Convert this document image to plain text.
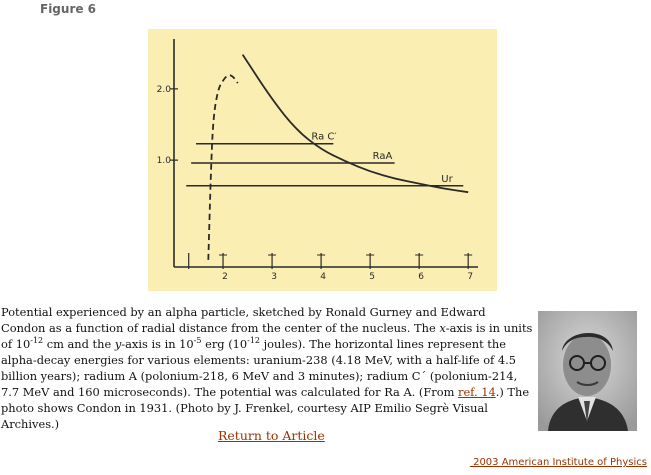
Figure 6
2.0
1.0
2	3	4	5	6	7
Ra C′
RaA
Ur
Potential experienced by an alpha particle, sketched by Ronald Gurney and Edward Condon as a function of radial distance from the center of the nucleus. The x-axis is in units of $10^{-12}$ cm and the y-axis is in $10^{-5}$ erg ($10^{-12}$ joules). The horizontal lines represent the alpha-decay energies for various elements: uranium-238 (4.18 MeV, with a half-life of 4.5 billion years); radium A (polonium-218, 6 MeV and 3 minutes); radium C´ (polonium-214, 7.7 MeV and 160 microseconds). The potential was calculated for Ra A. (From ref. 14.) The photo shows Condon in 1931. (Photo by J. Frenkel, courtesy AIP Emilio Segrè Visual Archives.)
Return to Article
2003 American Institute of Physics
